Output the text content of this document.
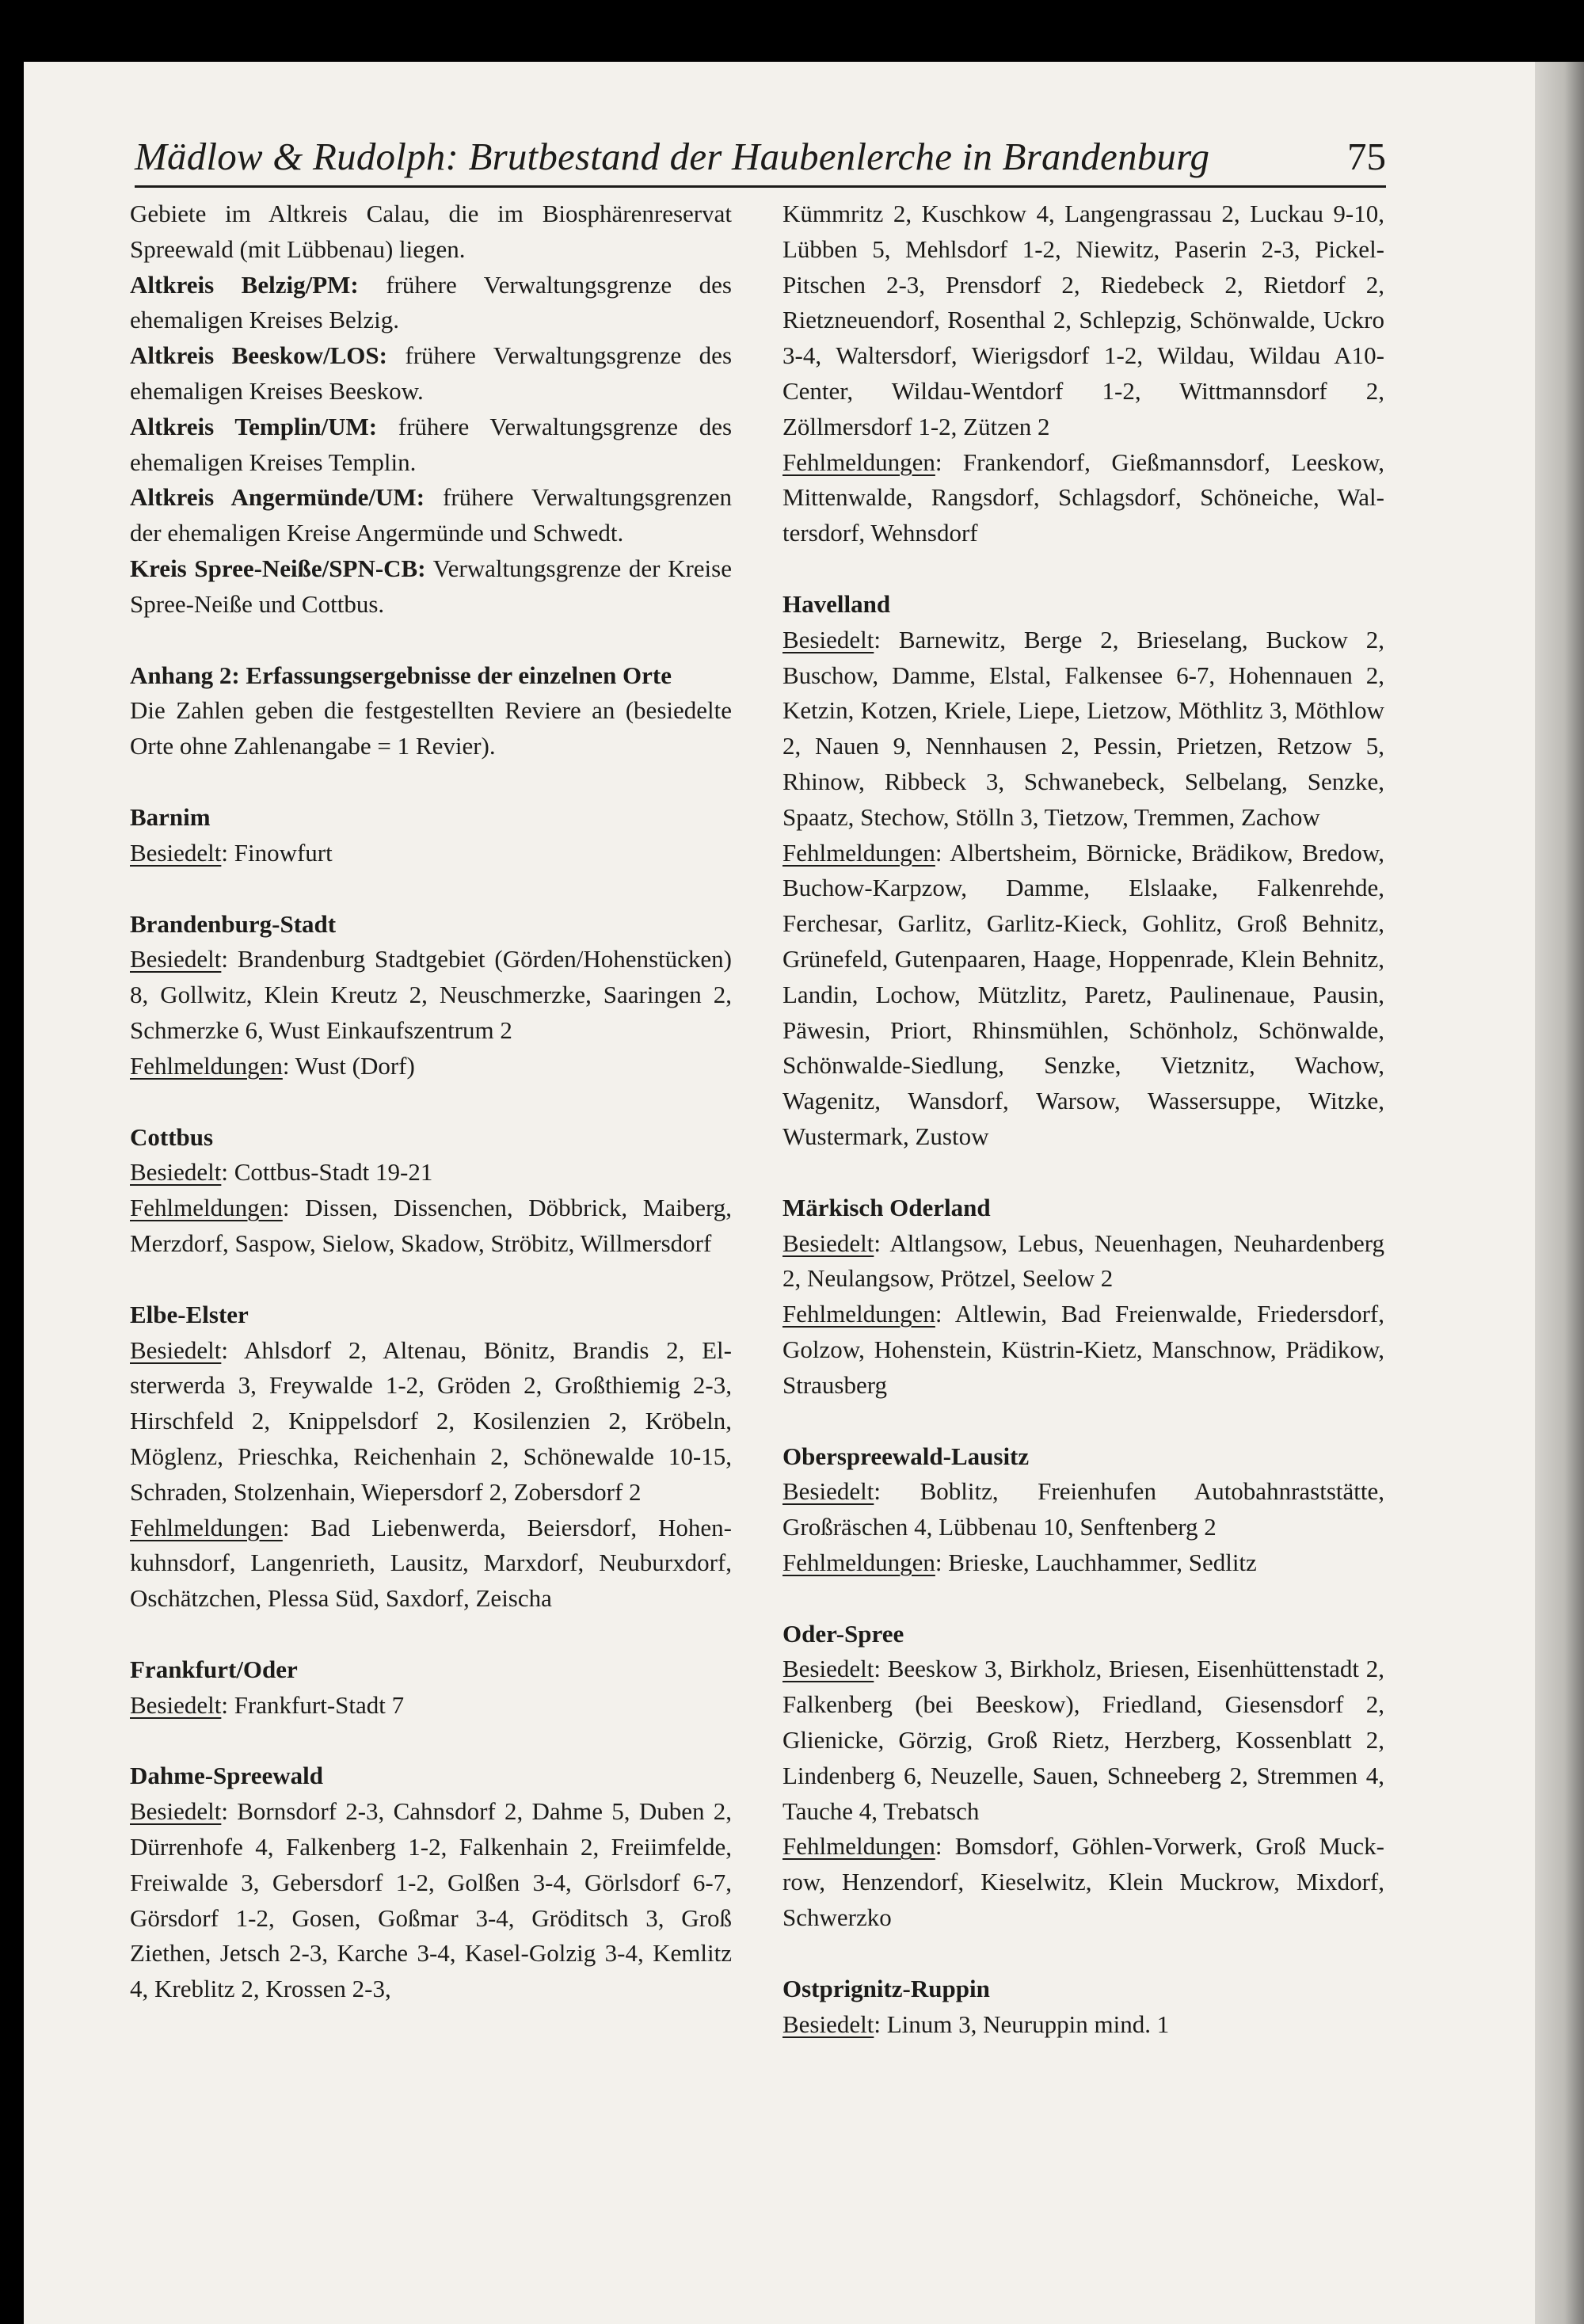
Mädlow & Rudolph: Brutbestand der Haubenlerche in Brandenburg	75

Gebiete im Altkreis Calau, die im Biosphärenreservat Spreewald (mit Lübbenau) liegen.

Altkreis Belzig/PM: frühere Verwaltungsgrenze des ehemaligen Kreises Belzig.

Altkreis Beeskow/LOS: frühere Verwaltungsgrenze des ehemaligen Kreises Beeskow.

Altkreis Templin/UM: frühere Verwaltungsgrenze des ehemaligen Kreises Templin.

Altkreis Angermünde/UM: frühere Verwaltungsgrenzen der ehemaligen Kreise Angermünde und Schwedt.

Kreis Spree-Neiße/SPN-CB: Verwaltungsgrenze der Kreise Spree-Neiße und Cottbus.

Anhang 2: Erfassungsergebnisse der einzelnen Orte

Die Zahlen geben die festgestellten Reviere an (besiedelte Orte ohne Zahlenangabe = 1 Revier).

Barnim

Besiedelt: Finowfurt

Brandenburg-Stadt

Besiedelt: Brandenburg Stadtgebiet (Görden/Hohenstücken) 8, Gollwitz, Klein Kreutz 2, Neuschmerzke, Saaringen 2, Schmerzke 6, Wust Einkaufszentrum 2

Fehlmeldungen: Wust (Dorf)

Cottbus

Besiedelt: Cottbus-Stadt 19-21

Fehlmeldungen: Dissen, Dissenchen, Döbbrick, Maiberg, Merzdorf, Saspow, Sielow, Skadow, Ströbitz, Willmersdorf

Elbe-Elster

Besiedelt: Ahlsdorf 2, Altenau, Bönitz, Brandis 2, Elsterwerda 3, Freywalde 1-2, Gröden 2, Großthiemig 2-3, Hirschfeld 2, Knippelsdorf 2, Kosilenzien 2, Kröbeln, Möglenz, Prieschka, Reichenhain 2, Schönewalde 10-15, Schraden, Stolzenhain, Wiepersdorf 2, Zobersdorf 2

Fehlmeldungen: Bad Liebenwerda, Beiersdorf, Hohenkuhnsdorf, Langenrieth, Lausitz, Marxdorf, Neuburxdorf, Oschätzchen, Plessa Süd, Saxdorf, Zeischa

Frankfurt/Oder

Besiedelt: Frankfurt-Stadt 7

Dahme-Spreewald

Besiedelt: Bornsdorf 2-3, Cahnsdorf 2, Dahme 5, Duben 2, Dürrenhofe 4, Falkenberg 1-2, Falkenhain 2, Freiimfelde, Freiwalde 3, Gebersdorf 1-2, Golßen 3-4, Görlsdorf 6-7, Görsdorf 1-2, Gosen, Goßmar 3-4, Gröditsch 3, Groß Ziethen, Jetsch 2-3, Karche 3-4, Kasel-Golzig 3-4, Kemlitz 4, Kreblitz 2, Krossen 2-3,

Kümmritz 2, Kuschkow 4, Langengrassau 2, Luckau 9-10, Lübben 5, Mehlsdorf 1-2, Niewitz, Paserin 2-3, Pickel-Pitschen 2-3, Prensdorf 2, Riedebeck 2, Rietdorf 2, Rietzneuendorf, Rosenthal 2, Schlepzig, Schönwalde, Uckro 3-4, Waltersdorf, Wierigsdorf 1-2, Wildau, Wildau A10-Center, Wildau-Wentdorf 1-2, Wittmannsdorf 2, Zöllmersdorf 1-2, Zützen 2

Fehlmeldungen: Frankendorf, Gießmannsdorf, Leeskow, Mittenwalde, Rangsdorf, Schlagsdorf, Schöneiche, Waltersdorf, Wehnsdorf

Havelland

Besiedelt: Barnewitz, Berge 2, Brieselang, Buckow 2, Buschow, Damme, Elstal, Falkensee 6-7, Hohennauen 2, Ketzin, Kotzen, Kriele, Liepe, Lietzow, Möthlitz 3, Möthlow 2, Nauen 9, Nennhausen 2, Pessin, Prietzen, Retzow 5, Rhinow, Ribbeck 3, Schwanebeck, Selbelang, Senzke, Spaatz, Stechow, Stölln 3, Tietzow, Tremmen, Zachow

Fehlmeldungen: Albertsheim, Börnicke, Brädikow, Bredow, Buchow-Karpzow, Damme, Elslaake, Falkenrehde, Ferchesar, Garlitz, Garlitz-Kieck, Gohlitz, Groß Behnitz, Grünefeld, Gutenpaaren, Haage, Hoppenrade, Klein Behnitz, Landin, Lochow, Mützlitz, Paretz, Paulinenaue, Pausin, Päwesin, Priort, Rhinsmühlen, Schönholz, Schönwalde, Schönwalde-Siedlung, Senzke, Vietznitz, Wachow, Wagenitz, Wansdorf, Warsow, Wassersuppe, Witzke, Wustermark, Zustow

Märkisch Oderland

Besiedelt: Altlangsow, Lebus, Neuenhagen, Neuhardenberg 2, Neulangsow, Prötzel, Seelow 2

Fehlmeldungen: Altlewin, Bad Freienwalde, Friedersdorf, Golzow, Hohenstein, Küstrin-Kietz, Manschnow, Prädikow, Strausberg

Oberspreewald-Lausitz

Besiedelt: Boblitz, Freienhufen Autobahnraststätte, Großräschen 4, Lübbenau 10, Senftenberg 2

Fehlmeldungen: Brieske, Lauchhammer, Sedlitz

Oder-Spree

Besiedelt: Beeskow 3, Birkholz, Briesen, Eisenhüttenstadt 2, Falkenberg (bei Beeskow), Friedland, Giesensdorf 2, Glienicke, Görzig, Groß Rietz, Herzberg, Kossenblatt 2, Lindenberg 6, Neuzelle, Sauen, Schneeberg 2, Stremmen 4, Tauche 4, Trebatsch

Fehlmeldungen: Bomsdorf, Göhlen-Vorwerk, Groß Muckrow, Henzendorf, Kieselwitz, Klein Muckrow, Mixdorf, Schwerzko

Ostprignitz-Ruppin

Besiedelt: Linum 3, Neuruppin mind. 1
